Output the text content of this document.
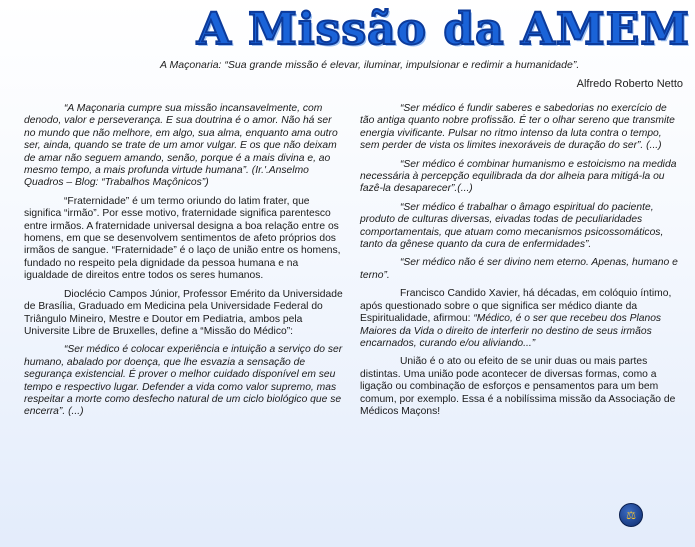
A Missão da AMEM
A Maçonaria: “Sua grande missão é elevar, iluminar, impulsionar e redimir a humanidade”.
Alfredo Roberto Netto

“A Maçonaria cumpre sua missão incansavelmente, com denodo, valor e perseverança. E sua doutrina é o amor. Não há ser no mundo que não melhore, em algo, sua alma, enquanto ama outro ser, ainda, quando se trate de um amor vulgar. E os que não deixam de amar não seguem amando, senão, porque é a mais divina e, ao mesmo tempo, a mais profunda virtude humana”. (Ir.'.Anselmo Quadros – Blog: “Trabalhos Maçônicos”)

“Fraternidade” é um termo oriundo do latim frater, que significa “irmão”. Por esse motivo, fraternidade significa parentesco entre irmãos. A fraternidade universal designa a boa relação entre os homens, em que se desenvolvem sentimentos de afeto próprios dos irmãos de sangue. “Fraternidade” é o laço de união entre os homens, fundado no respeito pela dignidade da pessoa humana e na igualdade de direitos entre todos os seres humanos.

Dioclécio Campos Júnior, Professor Emérito da Universidade de Brasília, Graduado em Medicina pela Universidade Federal do Triângulo Mineiro, Mestre e Doutor em Pediatria, ambos pela Universite Libre de Bruxelles, define a “Missão do Médico”:

“Ser médico é colocar experiência e intuição a serviço do ser humano, abalado por doença, que lhe esvazia a sensação de segurança existencial. É prover o melhor cuidado disponível em seu tempo e respectivo lugar. Defender a vida como valor supremo, mas respeitar a morte como desfecho natural de um ciclo biológico que se encerra”. (...)

“Ser médico é fundir saberes e sabedorias no exercício de tão antiga quanto nobre profissão. É ter o olhar sereno que transmite energia vivificante. Pulsar no ritmo intenso da luta contra o tempo, sem perder de vista os limites inexoráveis de duração do ser”. (...)

“Ser médico é combinar humanismo e estoicismo na medida necessária à percepção equilibrada da dor alheia para mitigá-la ou fazê-la desaparecer”.(...)

“Ser médico é trabalhar o âmago espiritual do paciente, produto de culturas diversas, eivadas todas de peculiaridades comportamentais, que atuam como mecanismos psicossomáticos, tanto da gênese quanto da cura de enfermidades”.

“Ser médico não é ser divino nem eterno. Apenas, humano e terno”.

Francisco Candido Xavier, há décadas, em colóquio íntimo, após questionado sobre o que significa ser médico diante da Espiritualidade, afirmou: “Médico, é o ser que recebeu dos Planos Maiores da Vida o direito de interferir no destino de seus irmãos encarnados, curando e/ou aliviando...”

União é o ato ou efeito de se unir duas ou mais partes distintas. Uma união pode acontecer de diversas formas, como a ligação ou combinação de esforços e pensamentos para um bem comum, por exemplo. Essa é a nobilíssima missão da Associação de Médicos Maçons!

⚖
